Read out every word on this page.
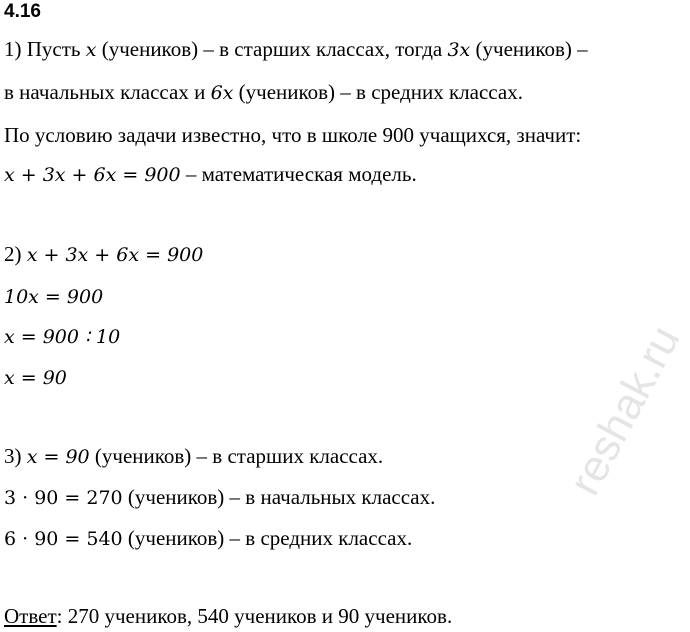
4.16
1) Пусть x (учеников) – в старших классах, тогда 3x (учеников) –
в начальных классах и 6x (учеников) – в средних классах.
По условию задачи известно, что в школе 900 учащихся, значит:
x + 3x + 6x = 900 – математическая модель.
2) x + 3x + 6x = 900
10x = 900
x = 900 ∶ 10
x = 90
3) x = 90 (учеников) – в старших классах.
3 · 90 = 270 (учеников) – в начальных классах.
6 · 90 = 540 (учеников) – в средних классах.
Ответ: 270 учеников, 540 учеников и 90 учеников.
reshak.ru
